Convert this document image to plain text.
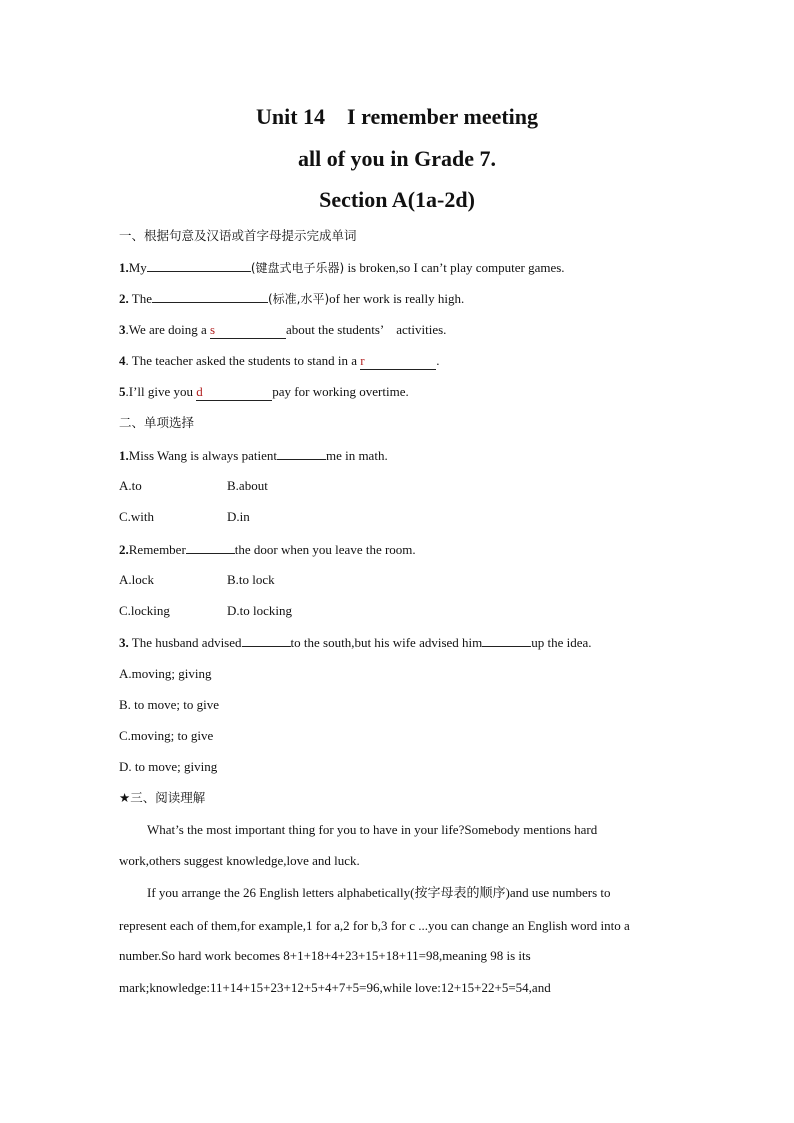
Unit 14　I remember meeting
all of you in Grade 7.
Section A(1a-2d)
一、根据句意及汉语或首字母提示完成单词
1.My	(键盘式电子乐器) is broken,so I can’t play computer games.
2. The	(标准,水平)of her work is really high.
3.We are doing a s	about the students’　activities.
4. The teacher asked the students to stand in a r	.
5.I’ll give you d	pay for working overtime.
二、单项选择
1.Miss Wang is always patient	me in math.
A.to	B.about
C.with	D.in
2.Remember	the door when you leave the room.
A.lock	B.to lock
C.locking	D.to locking
3. The husband advised	to the south,but his wife advised him	up the idea.
A.moving; giving
B. to move; to give
C.moving; to give
D. to move; giving
★三、阅读理解
What’s the most important thing for you to have in your life?Somebody mentions hard
work,others suggest knowledge,love and luck.
If you arrange the 26 English letters alphabetically(按字母表的顺序)and use numbers to
represent each of them,for example,1 for a,2 for b,3 for c ...you can change an English word into a
number.So hard work becomes 8+1+18+4+23+15+18+11=98,meaning 98 is its
mark;knowledge:11+14+15+23+12+5+4+7+5=96,while love:12+15+22+5=54,and
